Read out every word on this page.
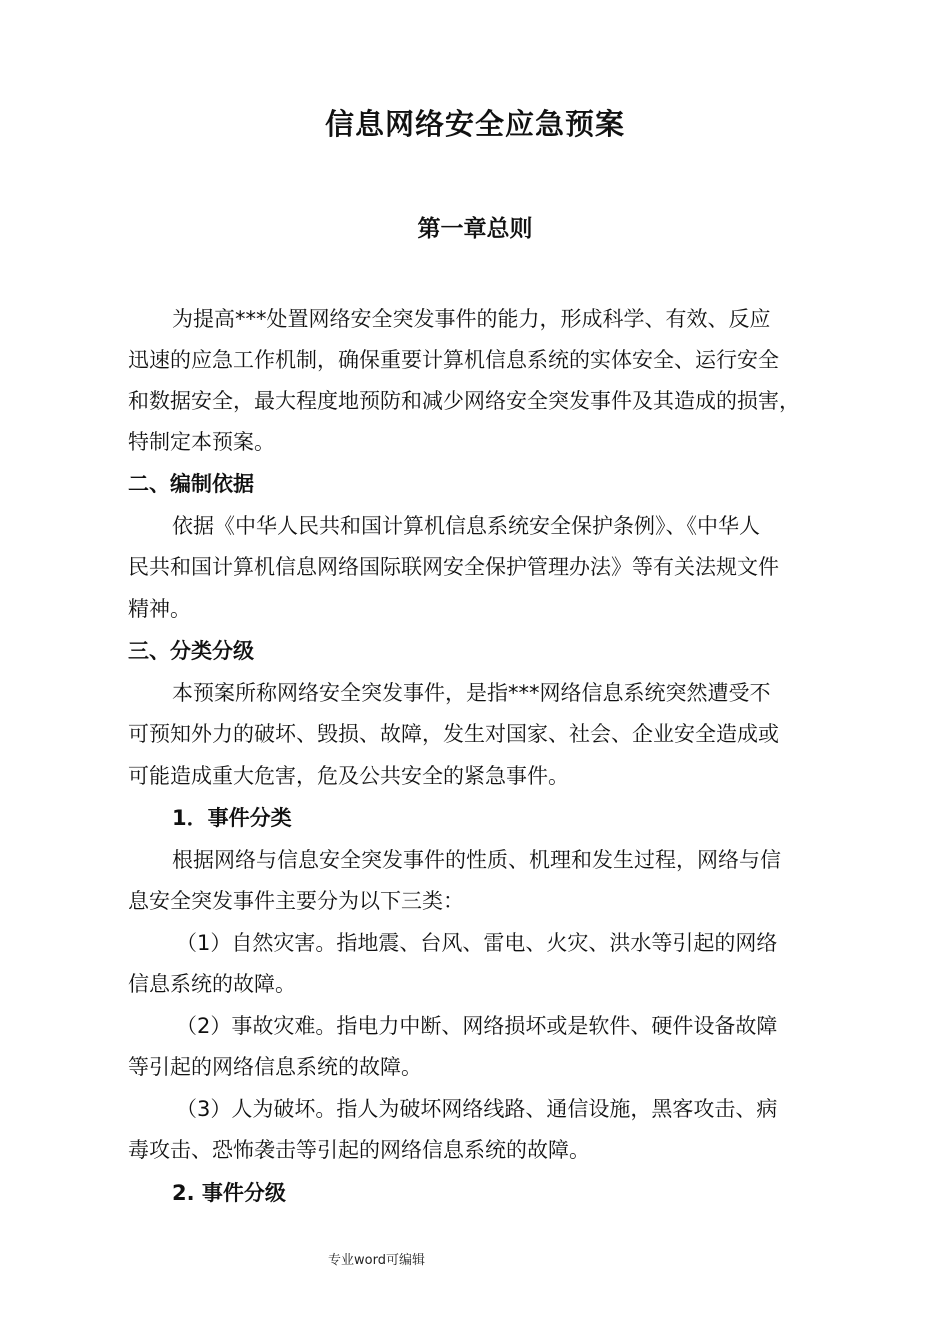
信息网络安全应急预案
第一章总则
为提高***处置网络安全突发事件的能力，形成科学、有效、反应
迅速的应急工作机制，确保重要计算机信息系统的实体安全、运行安全
和数据安全，最大程度地预防和减少网络安全突发事件及其造成的损害，
特制定本预案。
二、编制依据
依据《中华人民共和国计算机信息系统安全保护条例》、《中华人
民共和国计算机信息网络国际联网安全保护管理办法》等有关法规文件
精神。
三、分类分级
本预案所称网络安全突发事件，是指***网络信息系统突然遭受不
可预知外力的破坏、毁损、故障，发生对国家、社会、企业安全造成或
可能造成重大危害，危及公共安全的紧急事件。
1．事件分类
根据网络与信息安全突发事件的性质、机理和发生过程，网络与信
息安全突发事件主要分为以下三类：
（1）自然灾害。指地震、台风、雷电、火灾、洪水等引起的网络
信息系统的故障。
（2）事故灾难。指电力中断、网络损坏或是软件、硬件设备故障
等引起的网络信息系统的故障。
（3）人为破坏。指人为破坏网络线路、通信设施，黑客攻击、病
毒攻击、恐怖袭击等引起的网络信息系统的故障。
2. 事件分级
专业word可编辑
